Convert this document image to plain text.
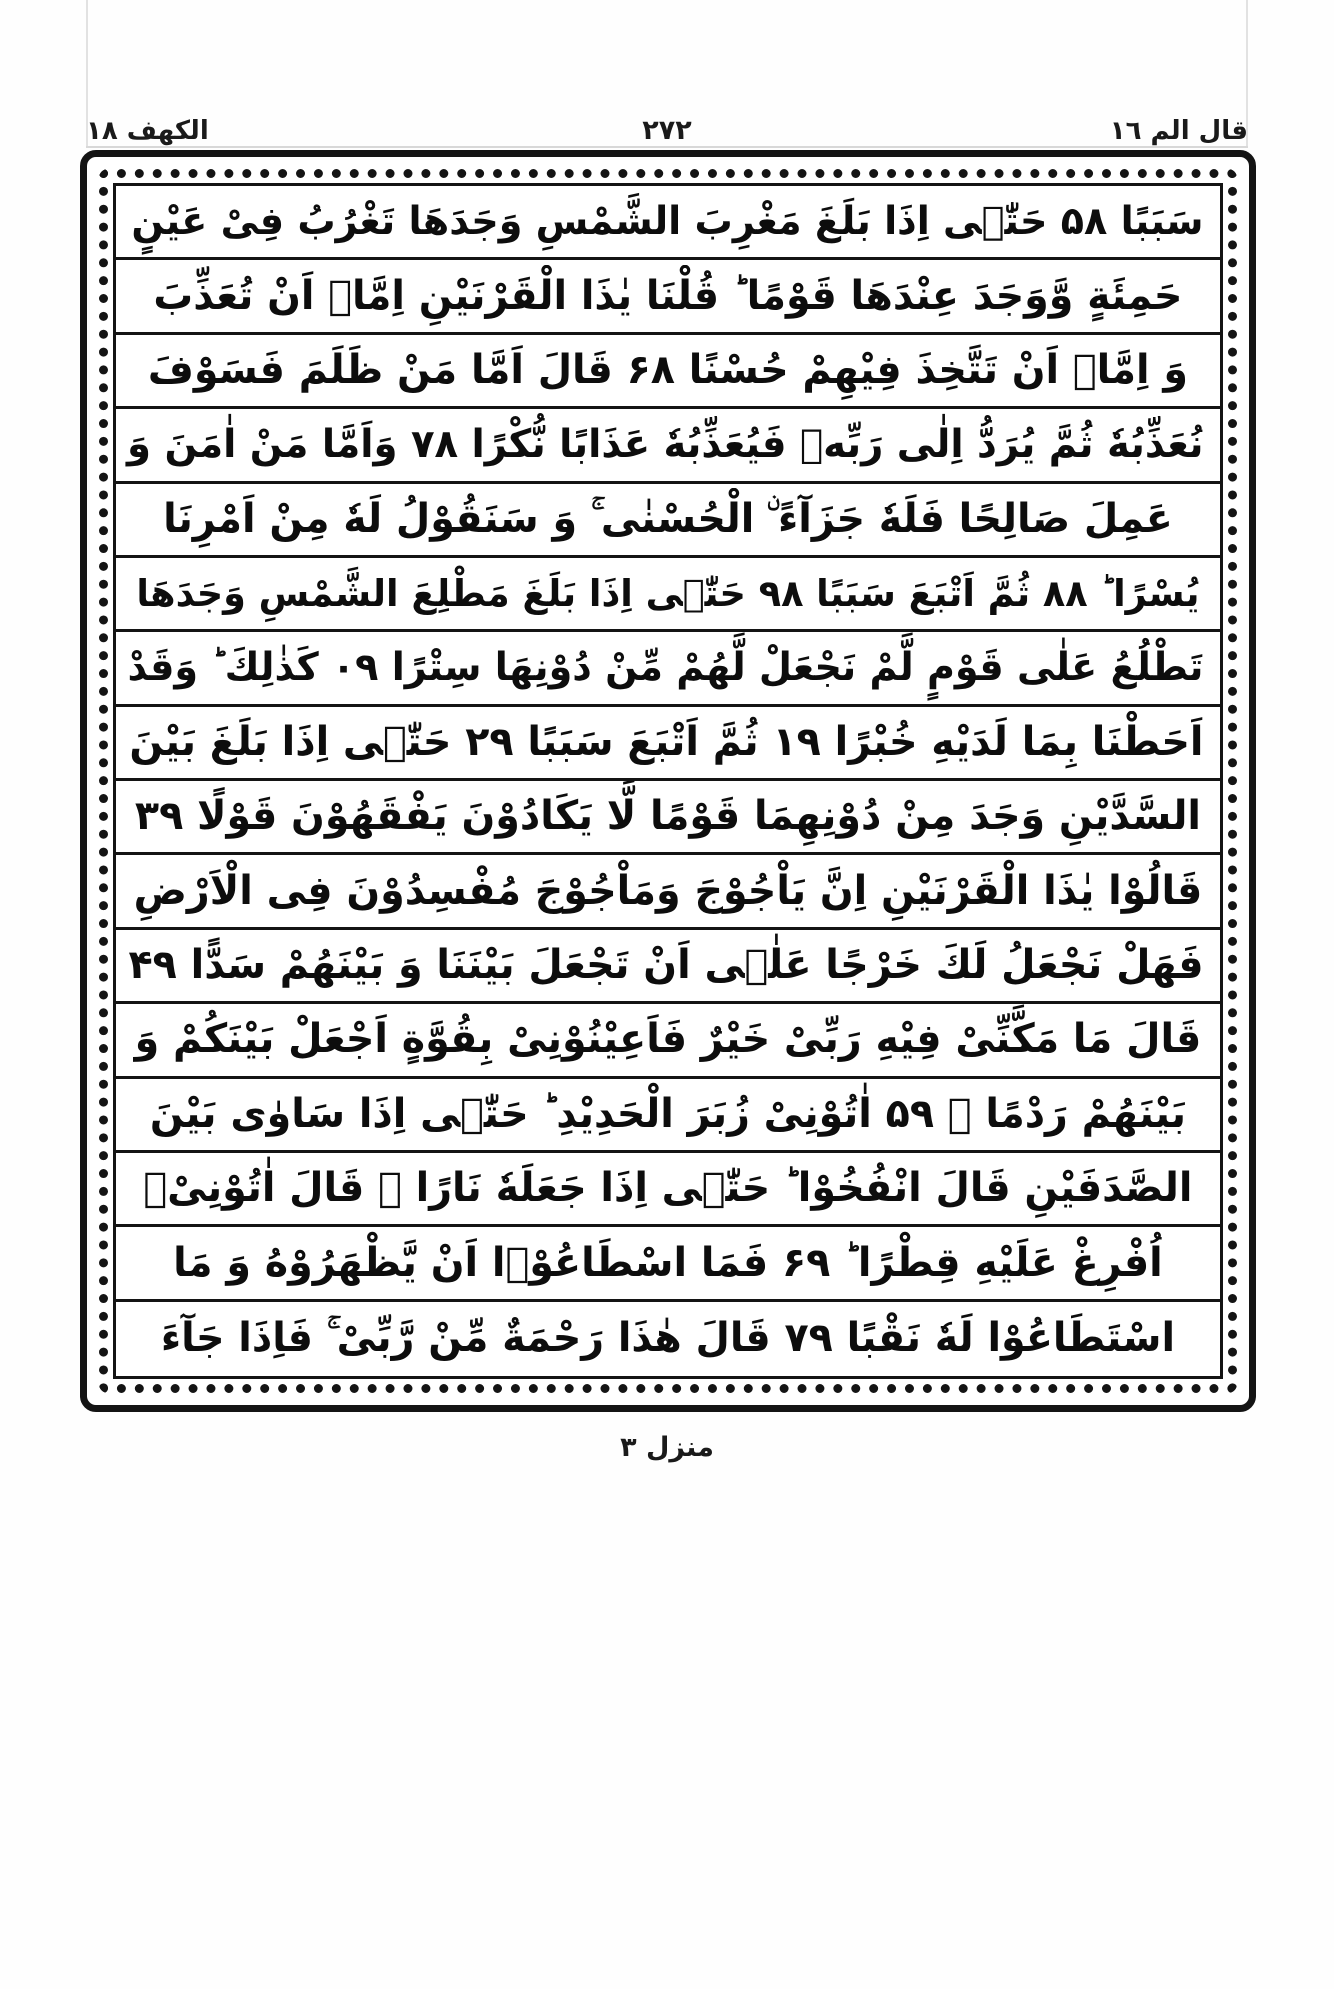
قال الم ١٦
٢٧٢
الكهف ١٨
سَبَبًا ۸۵ حَتّٰۤى اِذَا بَلَغَ مَغْرِبَ الشَّمْسِ وَجَدَهَا تَغْرُبُ فِیْ عَيْنٍ
حَمِئَةٍ وَّوَجَدَ عِنْدَهَا قَوْمًا ؕ قُلْنَا يٰذَا الْقَرْنَيْنِ اِمَّاۤ اَنْ تُعَذِّبَ
وَ اِمَّاۤ اَنْ تَتَّخِذَ فِيْهِمْ حُسْنًا ۸۶ قَالَ اَمَّا مَنْ ظَلَمَ فَسَوْفَ
نُعَذِّبُهٗ ثُمَّ يُرَدُّ اِلٰى رَبِّهٖ فَيُعَذِّبُهٗ عَذَابًا نُّكْرًا ۸۷ وَاَمَّا مَنْ اٰمَنَ وَ
عَمِلَ صَالِحًا فَلَهٗ جَزَآءً ۨ الْحُسْنٰى ۚ وَ سَنَقُوْلُ لَهٗ مِنْ اَمْرِنَا
يُسْرًا ؕ ۸۸ ثُمَّ اَتْبَعَ سَبَبًا ۸۹ حَتّٰۤى اِذَا بَلَغَ مَطْلِعَ الشَّمْسِ وَجَدَهَا
تَطْلُعُ عَلٰى قَوْمٍ لَّمْ نَجْعَلْ لَّهُمْ مِّنْ دُوْنِهَا سِتْرًا ۹۰ كَذٰلِكَ ؕ وَقَدْ
اَحَطْنَا بِمَا لَدَيْهِ خُبْرًا ۹۱ ثُمَّ اَتْبَعَ سَبَبًا ۹۲ حَتّٰۤى اِذَا بَلَغَ بَيْنَ
السَّدَّيْنِ وَجَدَ مِنْ دُوْنِهِمَا قَوْمًا لَّا يَكَادُوْنَ يَفْقَهُوْنَ قَوْلًا ۹۳
قَالُوْا يٰذَا الْقَرْنَيْنِ اِنَّ يَاْجُوْجَ وَمَاْجُوْجَ مُفْسِدُوْنَ فِى الْاَرْضِ
فَهَلْ نَجْعَلُ لَكَ خَرْجًا عَلٰۤى اَنْ تَجْعَلَ بَيْنَنَا وَ بَيْنَهُمْ سَدًّا ۹۴
قَالَ مَا مَكَّنِّىْ فِيْهِ رَبِّىْ خَيْرٌ فَاَعِيْنُوْنِىْ بِقُوَّةٍ اَجْعَلْ بَيْنَكُمْ وَ
بَيْنَهُمْ رَدْمًا ۙ ۹۵ اٰتُوْنِىْ زُبَرَ الْحَدِيْدِ ؕ حَتّٰۤى اِذَا سَاوٰى بَيْنَ
الصَّدَفَيْنِ قَالَ انْفُخُوْا ؕ حَتّٰۤى اِذَا جَعَلَهٗ نَارًا ۙ قَالَ اٰتُوْنِىْۤ
اُفْرِغْ عَلَيْهِ قِطْرًا ؕ ۹۶ فَمَا اسْطَاعُوْۤا اَنْ يَّظْهَرُوْهُ وَ مَا
اسْتَطَاعُوْا لَهٗ نَقْبًا ۹۷ قَالَ هٰذَا رَحْمَةٌ مِّنْ رَّبِّىْ ۚ فَاِذَا جَآءَ
منزل ٣
